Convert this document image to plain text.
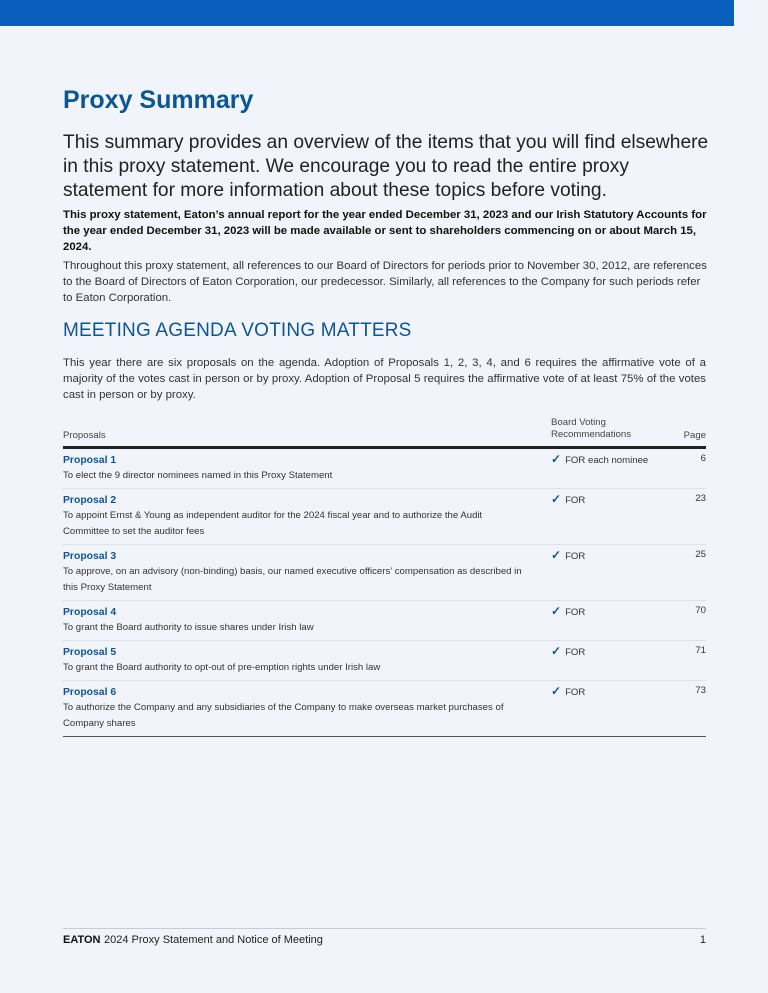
Proxy Summary

This summary provides an overview of the items that you will find elsewhere in this proxy statement. We encourage you to read the entire proxy statement for more information about these topics before voting.

This proxy statement, Eaton’s annual report for the year ended December 31, 2023 and our Irish Statutory Accounts for the year ended December 31, 2023 will be made available or sent to shareholders commencing on or about March 15, 2024.

Throughout this proxy statement, all references to our Board of Directors for periods prior to November 30, 2012, are references to the Board of Directors of Eaton Corporation, our predecessor. Similarly, all references to the Company for such periods refer to Eaton Corporation.

MEETING AGENDA VOTING MATTERS

This year there are six proposals on the agenda. Adoption of Proposals 1, 2, 3, 4, and 6 requires the affirmative vote of a majority of the votes cast in person or by proxy. Adoption of Proposal 5 requires the affirmative vote of at least 75% of the votes cast in person or by proxy.

Proposals
Board Voting
Recommendations	Page
Proposal 1
To elect the 9 director nominees named in this Proxy Statement
✓ FOR each nominee	6
Proposal 2
To appoint Ernst & Young as independent auditor for the 2024 fiscal year and to authorize the Audit Committee to set the auditor fees
✓ FOR	23
Proposal 3
To approve, on an advisory (non-binding) basis, our named executive officers’ compensation as described in this Proxy Statement
✓ FOR	25
Proposal 4
To grant the Board authority to issue shares under Irish law
✓ FOR	70
Proposal 5
To grant the Board authority to opt-out of pre-emption rights under Irish law
✓ FOR	71
Proposal 6
To authorize the Company and any subsidiaries of the Company to make overseas market purchases of Company shares
✓ FOR	73
EATON 2024 Proxy Statement and Notice of Meeting	1
